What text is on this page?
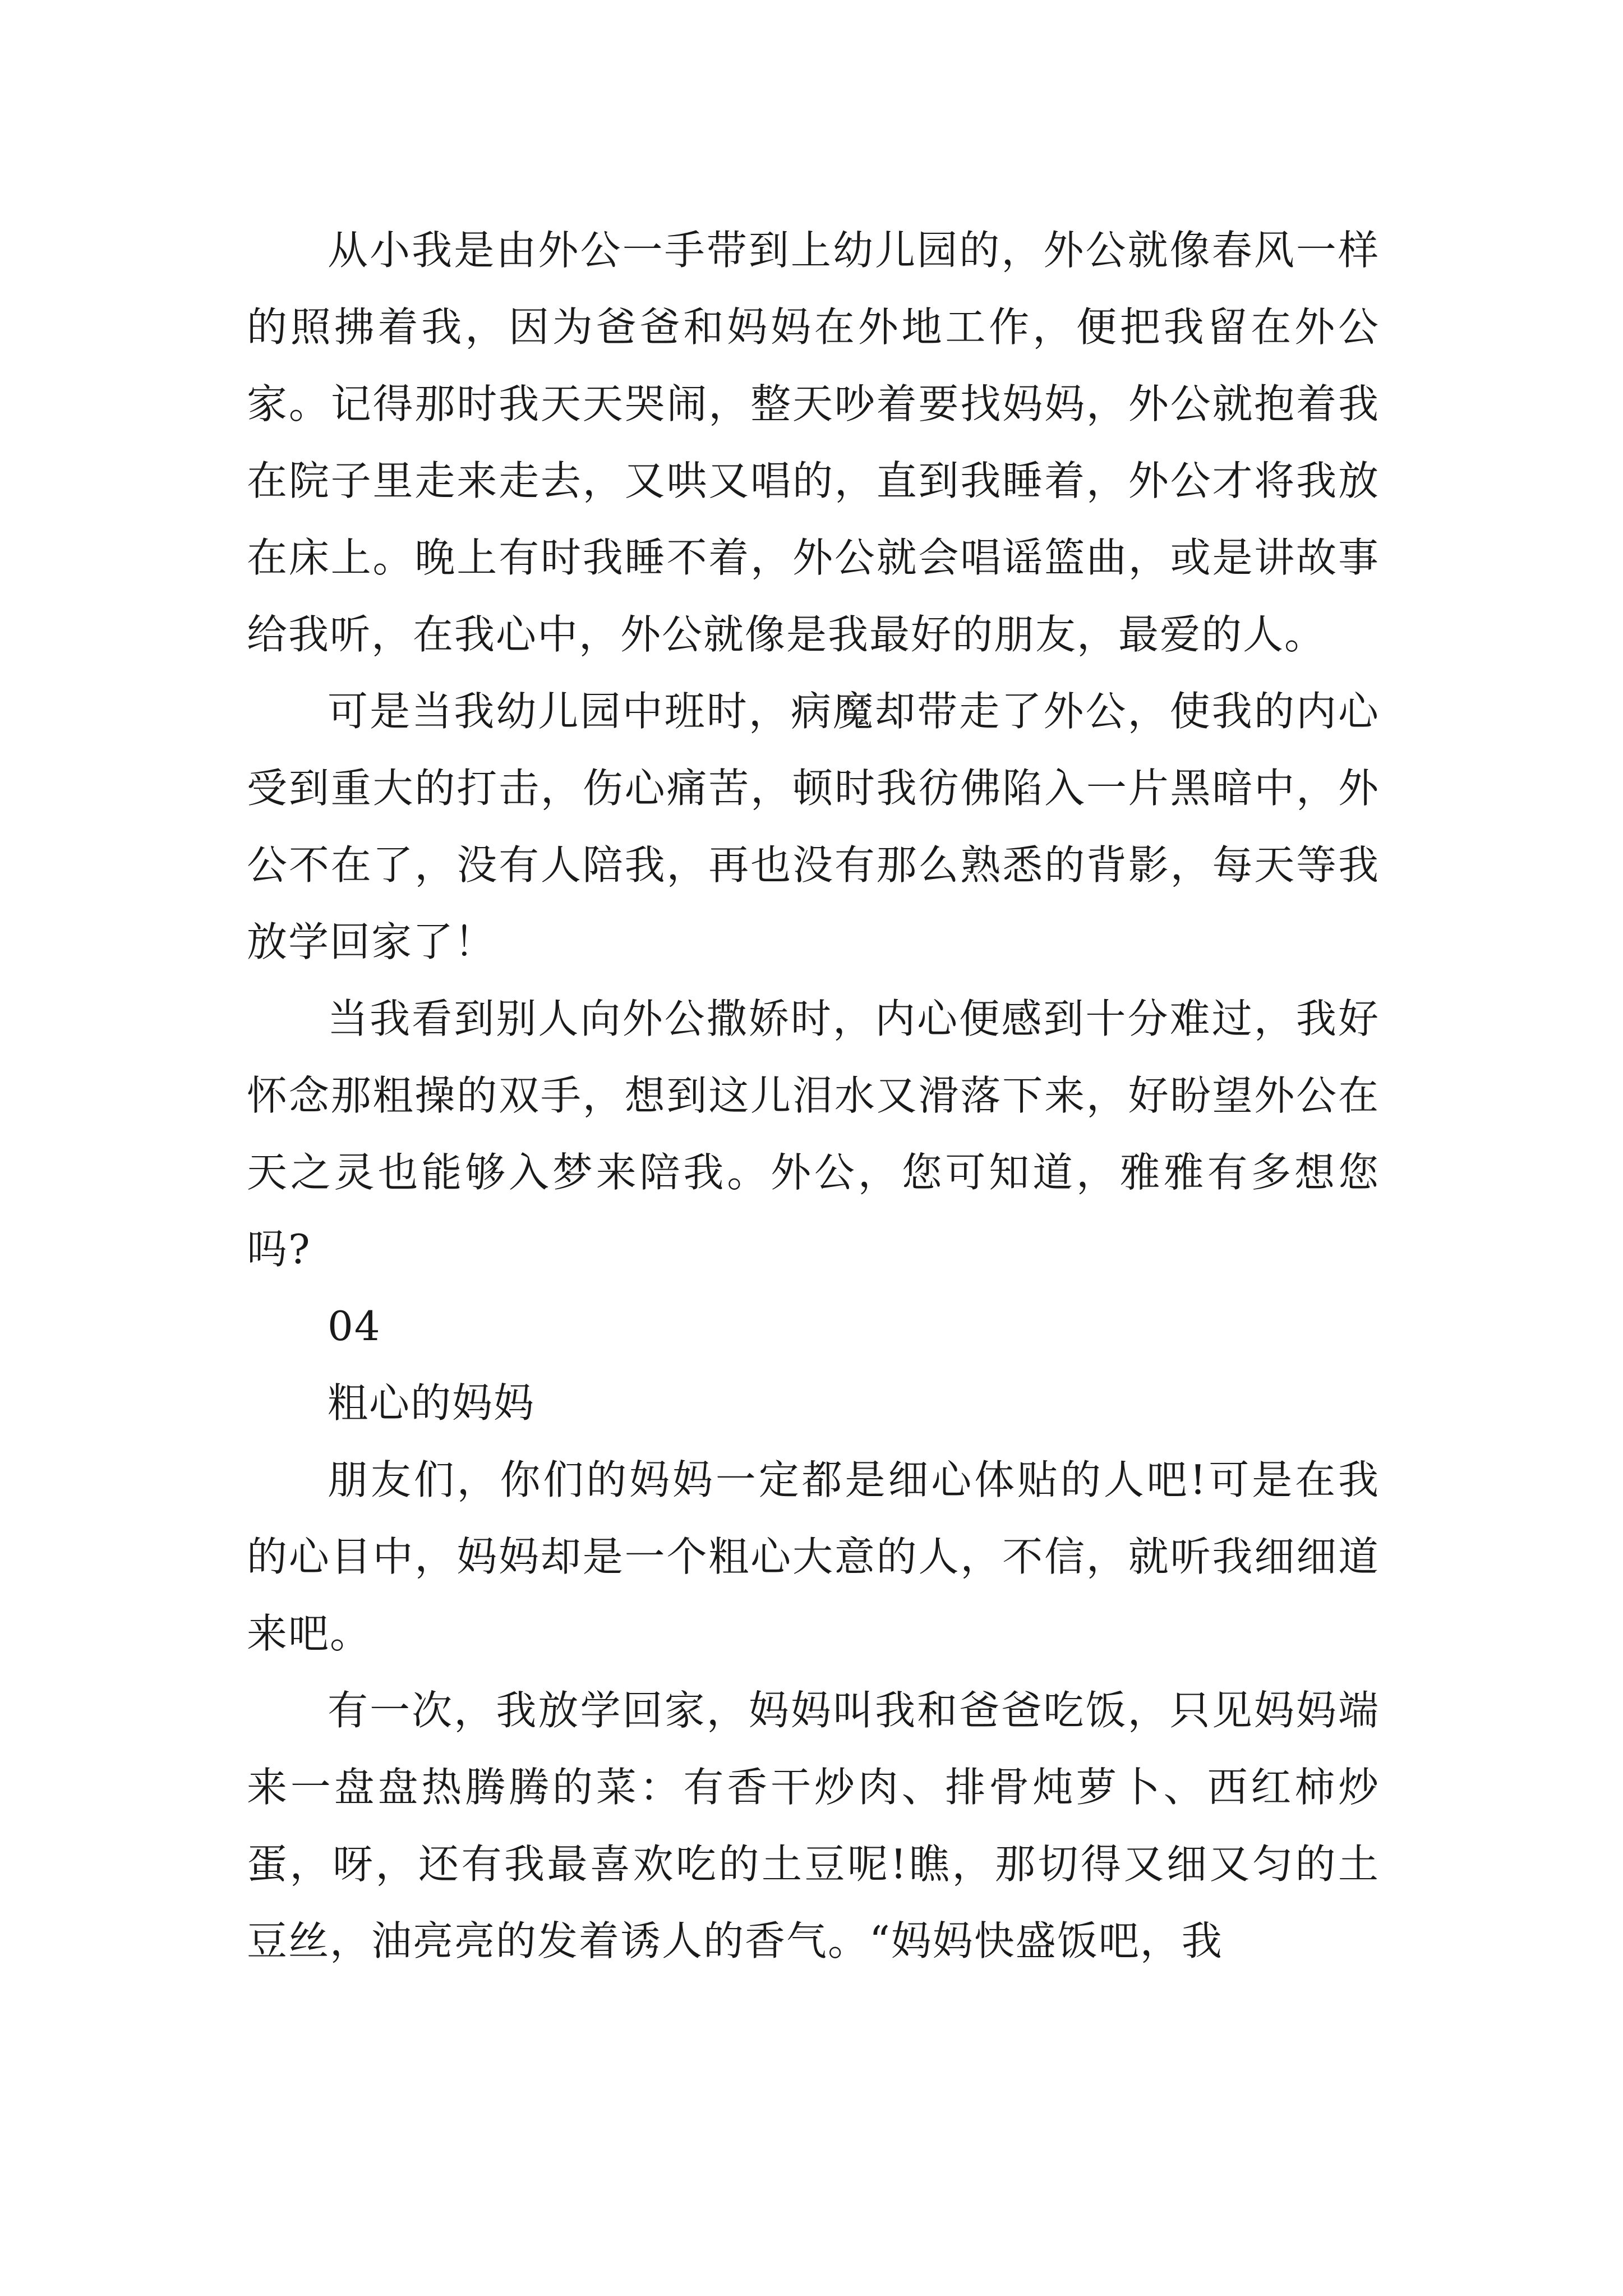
从小我是由外公一手带到上幼儿园的，外公就像春风一样的照拂着我，因为爸爸和妈妈在外地工作，便把我留在外公家。记得那时我天天哭闹，整天吵着要找妈妈，外公就抱着我在院子里走来走去，又哄又唱的，直到我睡着，外公才将我放在床上。晚上有时我睡不着，外公就会唱谣篮曲，或是讲故事给我听，在我心中，外公就像是我最好的朋友，最爱的人。

可是当我幼儿园中班时，病魔却带走了外公，使我的内心受到重大的打击，伤心痛苦，顿时我彷佛陷入一片黑暗中，外公不在了，没有人陪我，再也没有那么熟悉的背影，每天等我放学回家了！

当我看到别人向外公撒娇时，内心便感到十分难过，我好怀念那粗操的双手，想到这儿泪水又滑落下来，好盼望外公在天之灵也能够入梦来陪我。外公，您可知道，雅雅有多想您吗?

04

粗心的妈妈

朋友们，你们的妈妈一定都是细心体贴的人吧!可是在我的心目中，妈妈却是一个粗心大意的人，不信，就听我细细道来吧。

有一次，我放学回家，妈妈叫我和爸爸吃饭，只见妈妈端来一盘盘热腾腾的菜：有香干炒肉、排骨炖萝卜、西红柿炒蛋，呀，还有我最喜欢吃的土豆呢!瞧，那切得又细又匀的土豆丝，油亮亮的发着诱人的香气。“妈妈快盛饭吧，我
